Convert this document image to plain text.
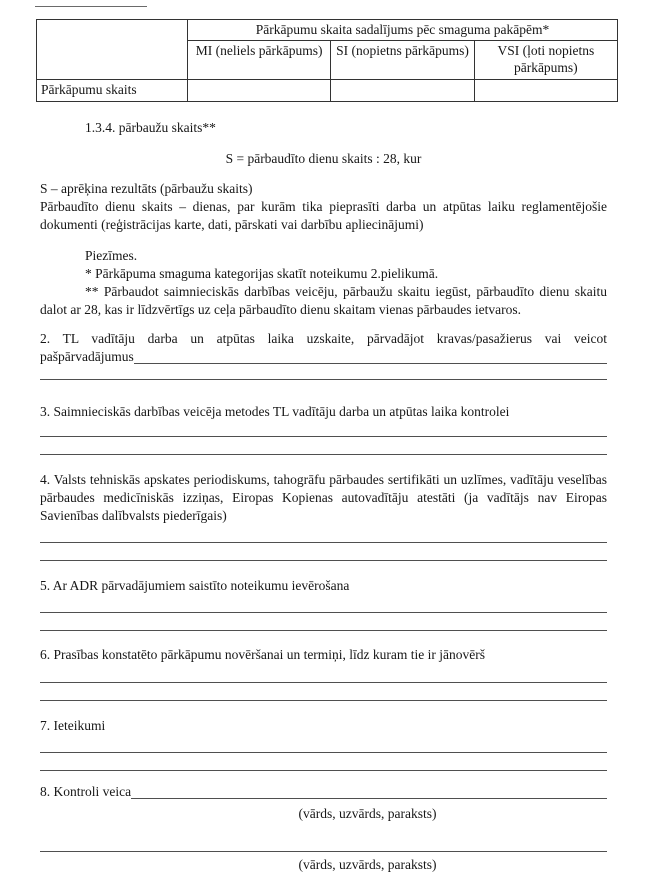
	Pārkāpumu skaita sadalījums pēc smaguma pakāpēm*		
	MI (neliels pārkāpums)	SI (nopietns pārkāpums)	VSI (ļoti nopietns pārkāpums)
Pārkāpumu skaits			
1.3.4. pārbaužu skaits**
S = pārbaudīto dienu skaits : 28, kur
S – aprēķina rezultāts (pārbaužu skaits)
Pārbaudīto dienu skaits – dienas, par kurām tika pieprasīti darba un atpūtas laiku reglamentējošie dokumenti (reģistrācijas karte, dati, pārskati vai darbību apliecinājumi)
Piezīmes.
* Pārkāpuma smaguma kategorijas skatīt noteikumu 2.pielikumā.
** Pārbaudot saimnieciskās darbības veicēju, pārbaužu skaitu iegūst, pārbaudīto dienu skaitu dalot ar 28, kas ir līdzvērtīgs uz ceļa pārbaudīto dienu skaitam vienas pārbaudes ietvaros.
2. TL vadītāju darba un atpūtas laika uzskaite, pārvadājot kravas/pasažierus vai veicot
pašpārvadājumus
3. Saimnieciskās darbības veicēja metodes TL vadītāju darba un atpūtas laika kontrolei
4. Valsts tehniskās apskates periodiskums, tahogrāfu pārbaudes sertifikāti un uzlīmes, vadītāju veselības pārbaudes medicīniskās izziņas, Eiropas Kopienas autovadītāju atestāti (ja vadītājs nav Eiropas Savienības dalībvalsts piederīgais)
5. Ar ADR pārvadājumiem saistīto noteikumu ievērošana
6. Prasības konstatēto pārkāpumu novēršanai un termiņi, līdz kuram tie ir jānovērš
7. Ieteikumi
8. Kontroli veica
(vārds, uzvārds, paraksts)
(vārds, uzvārds, paraksts)
